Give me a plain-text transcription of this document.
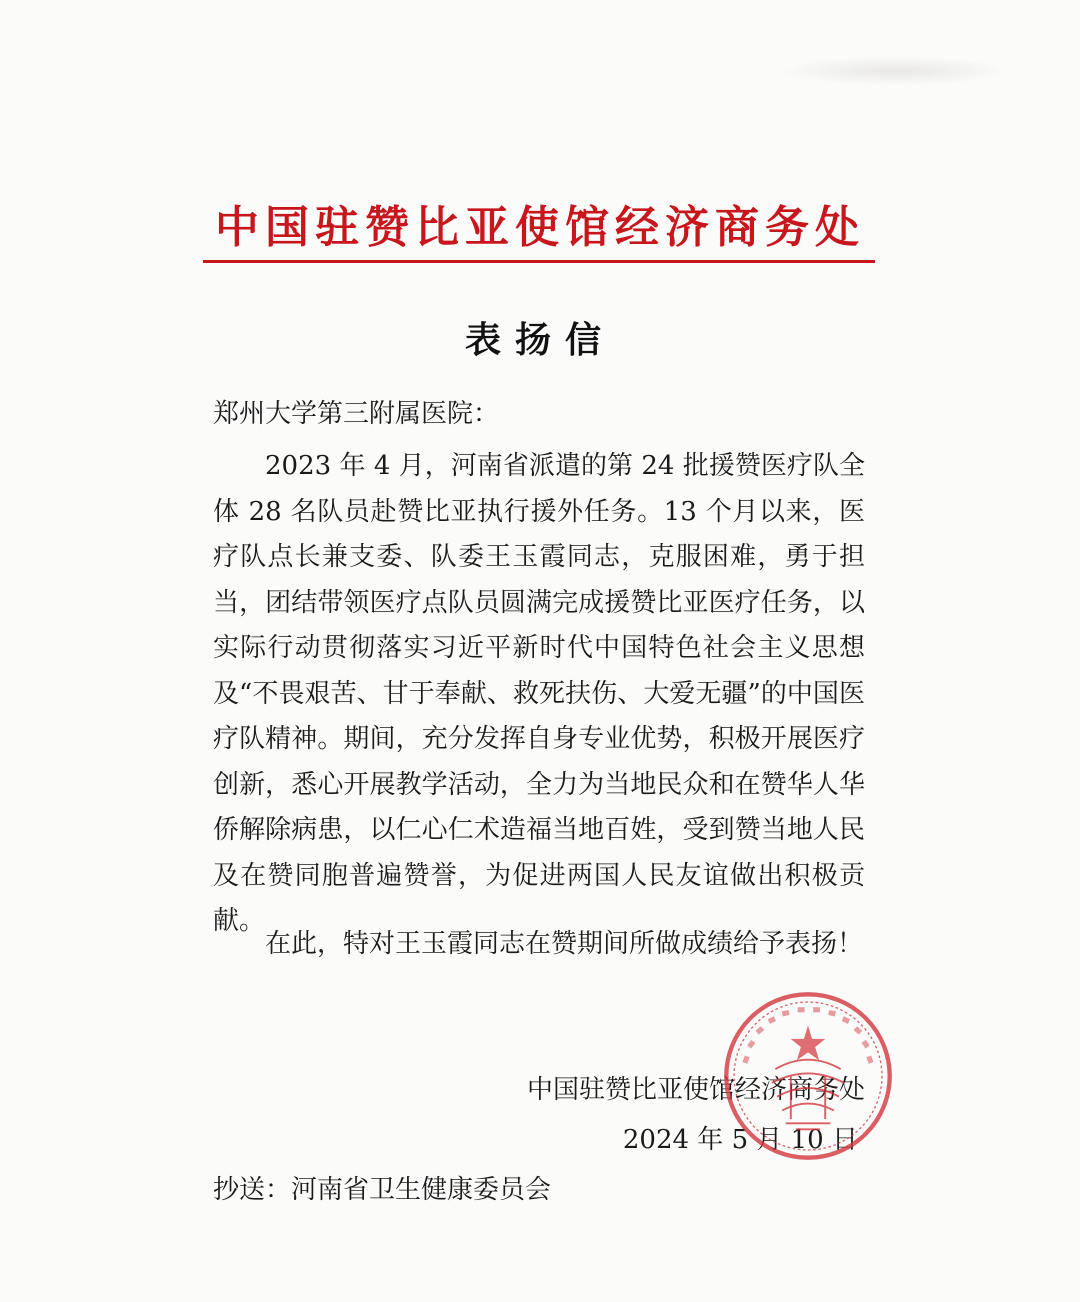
中国驻赞比亚使馆经济商务处
表扬信
郑州大学第三附属医院：
2023 年 4 月，河南省派遣的第 24 批援赞医疗队全体 28 名队员赴赞比亚执行援外任务。13 个月以来，医疗队点长兼支委、队委王玉霞同志，克服困难，勇于担当，团结带领医疗点队员圆满完成援赞比亚医疗任务，以实际行动贯彻落实习近平新时代中国特色社会主义思想及“不畏艰苦、甘于奉献、救死扶伤、大爱无疆”的中国医疗队精神。期间，充分发挥自身专业优势，积极开展医疗创新，悉心开展教学活动，全力为当地民众和在赞华人华侨解除病患，以仁心仁术造福当地百姓，受到赞当地人民及在赞同胞普遍赞誉，为促进两国人民友谊做出积极贡献。
在此，特对王玉霞同志在赞期间所做成绩给予表扬！
中国驻赞比亚使馆经济商务处
2024 年 5 月 10 日
抄送：河南省卫生健康委员会
